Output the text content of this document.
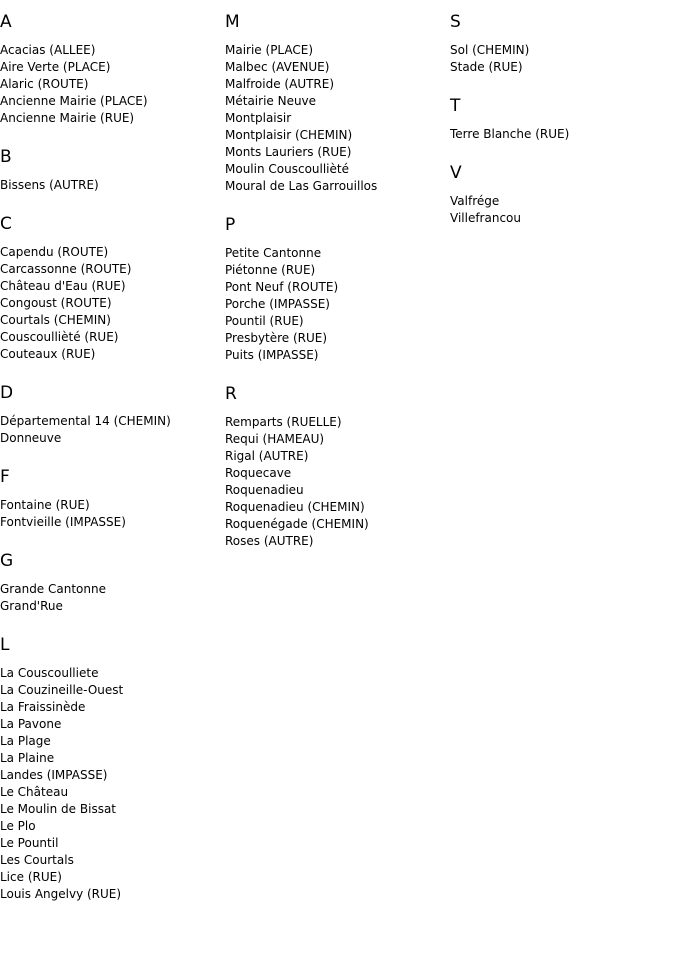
A
Acacias (ALLEE)
Aire Verte (PLACE)
Alaric (ROUTE)
Ancienne Mairie (PLACE)
Ancienne Mairie (RUE)
B
Bissens (AUTRE)
C
Capendu (ROUTE)
Carcassonne (ROUTE)
Château d'Eau (RUE)
Congoust (ROUTE)
Courtals (CHEMIN)
Couscoullièté (RUE)
Couteaux (RUE)
D
Départemental 14 (CHEMIN)
Donneuve
F
Fontaine (RUE)
Fontvieille (IMPASSE)
G
Grande Cantonne
Grand'Rue
L
La Couscoulliete
La Couzineille-Ouest
La Fraissinède
La Pavone
La Plage
La Plaine
Landes (IMPASSE)
Le Château
Le Moulin de Bissat
Le Plo
Le Pountil
Les Courtals
Lice (RUE)
Louis Angelvy (RUE)
M
Mairie (PLACE)
Malbec (AVENUE)
Malfroide (AUTRE)
Métairie Neuve
Montplaisir
Montplaisir (CHEMIN)
Monts Lauriers (RUE)
Moulin Couscoullièté
Moural de Las Garrouillos
P
Petite Cantonne
Piétonne (RUE)
Pont Neuf (ROUTE)
Porche (IMPASSE)
Pountil (RUE)
Presbytère (RUE)
Puits (IMPASSE)
R
Remparts (RUELLE)
Requi (HAMEAU)
Rigal (AUTRE)
Roquecave
Roquenadieu
Roquenadieu (CHEMIN)
Roquenégade (CHEMIN)
Roses (AUTRE)
S
Sol (CHEMIN)
Stade (RUE)
T
Terre Blanche (RUE)
V
Valfrége
Villefrancou
